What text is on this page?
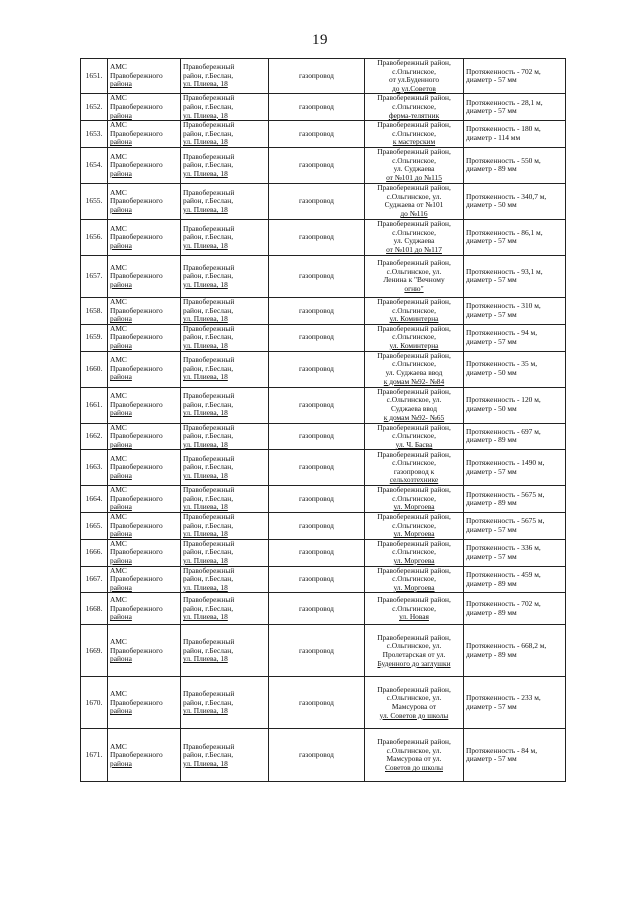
19
1651.	АМС
Правобережного
района	Правобережный
район, г.Беслан,
ул. Плиева, 18	газопровод	Правобережный район,
с.Ольгинское,
от ул.Буденного
до ул.Советов	Протяженность - 702 м,
диаметр - 57 мм

1652.	АМС
Правобережного
района	Правобережный
район, г.Беслан,
ул. Плиева, 18	газопровод	Правобережный район,
с.Ольгинское,
ферма-телятник	Протяженность - 28,1 м,
диаметр - 57 мм

1653.	АМС
Правобережного
района	Правобережный
район, г.Беслан,
ул. Плиева, 18	газопровод	Правобережный район,
с.Ольгинское,
к мастерским	Протяженность - 180 м,
диаметр - 114 мм

1654.	АМС
Правобережного
района	Правобережный
район, г.Беслан,
ул. Плиева, 18	газопровод	Правобережный район,
с.Ольгинское,
ул. Суджаева
от №101 до №115	Протяженность - 550 м,
диаметр - 89 мм

1655.	АМС
Правобережного
района	Правобережный
район, г.Беслан,
ул. Плиева, 18	газопровод	Правобережный район,
с.Ольгинское, ул.
Суджаева от №101
до №116	Протяженность - 340,7 м,
диаметр - 50 мм

1656.	АМС
Правобережного
района	Правобережный
район, г.Беслан,
ул. Плиева, 18	газопровод	Правобережный район,
с.Ольгинское,
ул. Суджаева
от №101 до №117	Протяженность - 86,1 м,
диаметр - 57 мм

1657.	АМС
Правобережного
района	Правобережный
район, г.Беслан,
ул. Плиева, 18	газопровод	Правобережный район,
с.Ольгинское, ул.
Ленина к "Вечному
огню"	Протяженность - 93,1 м,
диаметр - 57 мм

1658.	АМС
Правобережного
района	Правобережный
район, г.Беслан,
ул. Плиева, 18	газопровод	Правобережный район,
с.Ольгинское,
ул. Коминтерна	Протяженность - 310 м,
диаметр - 57 мм

1659.	АМС
Правобережного
района	Правобережный
район, г.Беслан,
ул. Плиева, 18	газопровод	Правобережный район,
с.Ольгинское,
ул. Коминтерна	Протяженность - 94 м,
диаметр - 57 мм

1660.	АМС
Правобережного
района	Правобережный
район, г.Беслан,
ул. Плиева, 18	газопровод	Правобережный район,
с.Ольгинское,
ул. Суджаева ввод
к домам №92- №84	Протяженность - 35 м,
диаметр - 50 мм

1661.	АМС
Правобережного
района	Правобережный
район, г.Беслан,
ул. Плиева, 18	газопровод	Правобережный район,
с.Ольгинское, ул.
Суджаева ввод
к домам №92- №65	Протяженность - 120 м,
диаметр - 50 мм

1662.	АМС
Правобережного
района	Правобережный
район, г.Беслан,
ул. Плиева, 18	газопровод	Правобережный район,
с.Ольгинское,
ул. Ч. Басва	Протяженность - 697 м,
диаметр - 89 мм

1663.	АМС
Правобережного
района	Правобережный
район, г.Беслан,
ул. Плиева, 18	газопровод	Правобережный район,
с.Ольгинское,
газопровод к
сельхозтехнике	Протяженность - 1490 м,
диаметр - 57 мм

1664.	АМС
Правобережного
района	Правобережный
район, г.Беслан,
ул. Плиева, 18	газопровод	Правобережный район,
с.Ольгинское,
ул. Моргоева	Протяженность - 5675 м,
диаметр - 89 мм

1665.	АМС
Правобережного
района	Правобережный
район, г.Беслан,
ул. Плиева, 18	газопровод	Правобережный район,
с.Ольгинское,
ул. Моргоева	Протяженность - 5675 м,
диаметр - 57 мм

1666.	АМС
Правобережного
района	Правобережный
район, г.Беслан,
ул. Плиева, 18	газопровод	Правобережный район,
с.Ольгинское,
ул. Моргоева	Протяженность - 336 м,
диаметр - 57 мм

1667.	АМС
Правобережного
района	Правобережный
район, г.Беслан,
ул. Плиева, 18	газопровод	Правобережный район,
с.Ольгинское,
ул. Моргоева	Протяженность - 459 м,
диаметр - 89 мм

1668.	АМС
Правобережного
района	Правобережный
район, г.Беслан,
ул. Плиева, 18	газопровод	Правобережный район,
с.Ольгинское,
ул. Новая	Протяженность - 702 м,
диаметр - 89 мм

1669.	АМС
Правобережного
района	Правобережный
район, г.Беслан,
ул. Плиева, 18	газопровод	Правобережный район,
с.Ольгинское, ул.
Пролетарская от ул.
Буденного до заглушки	Протяженность - 668,2 м,
диаметр - 89 мм

1670.	АМС
Правобережного
района	Правобережный
район, г.Беслан,
ул. Плиева, 18	газопровод	Правобережный район,
с.Ольгинское, ул.
Мамсурова от
ул. Советов до школы	Протяженность - 233 м,
диаметр - 57 мм

1671.	АМС
Правобережного
района	Правобережный
район, г.Беслан,
ул. Плиева, 18	газопровод	Правобережный район,
с.Ольгинское, ул.
Мамсурова от ул.
Советов до школы	Протяженность - 84 м,
диаметр - 57 мм
